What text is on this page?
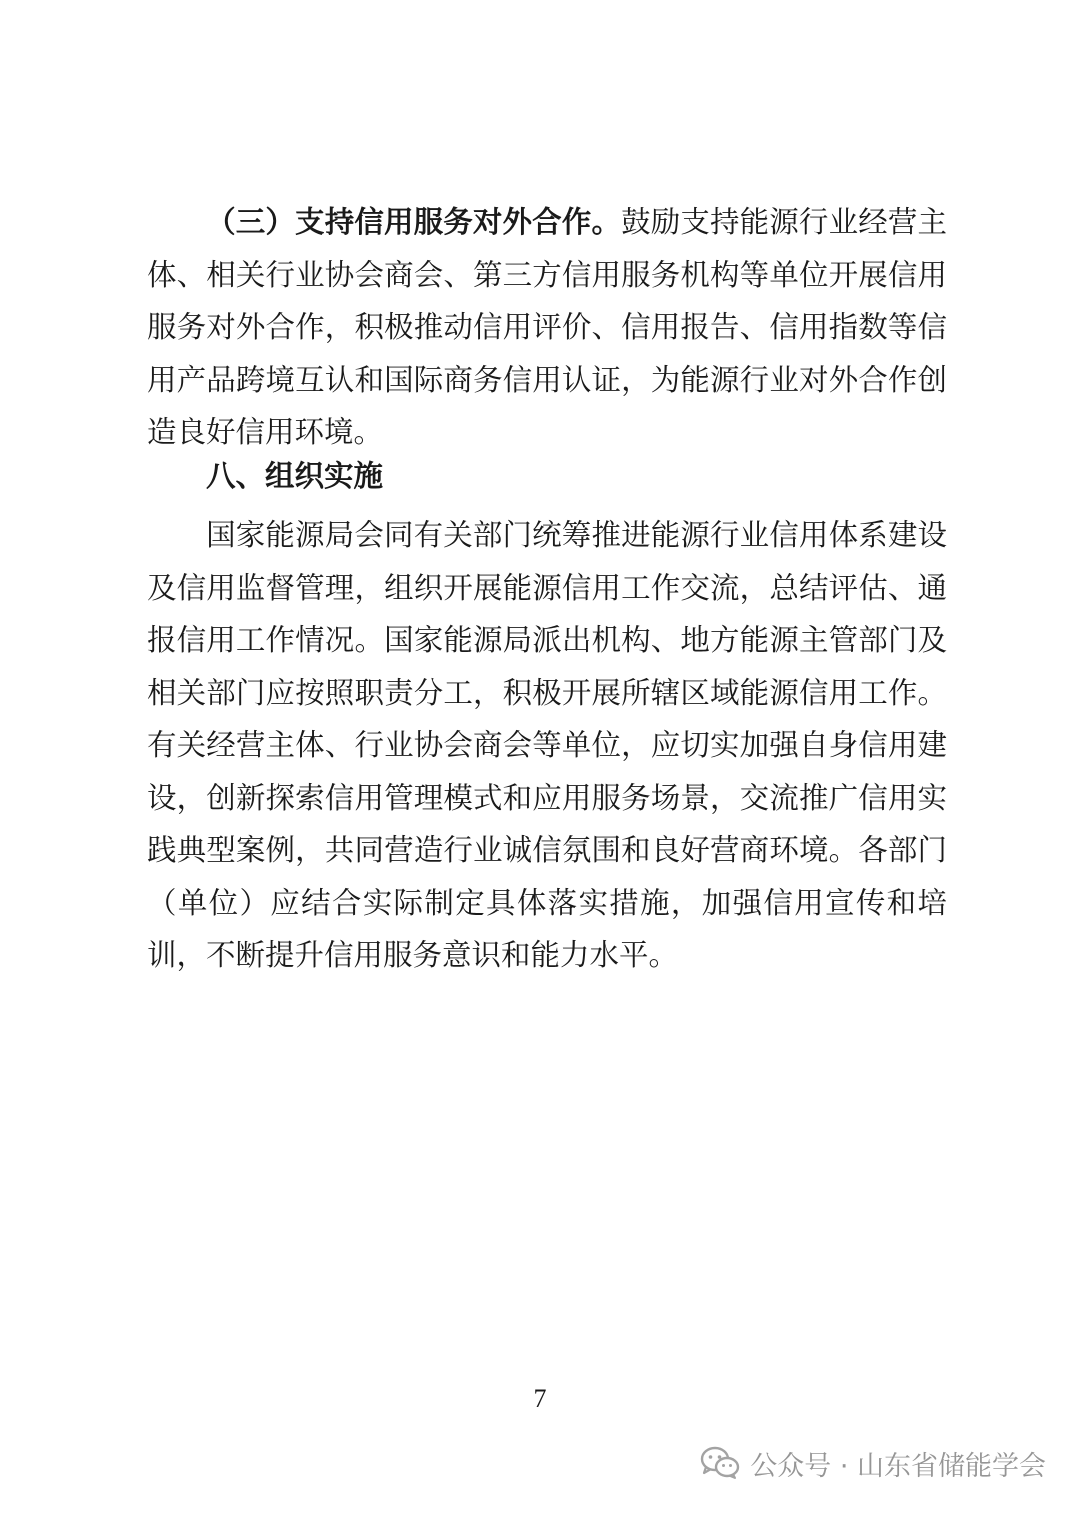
（三）支持信用服务对外合作。鼓励支持能源行业经营主体、相关行业协会商会、第三方信用服务机构等单位开展信用服务对外合作，积极推动信用评价、信用报告、信用指数等信用产品跨境互认和国际商务信用认证，为能源行业对外合作创造良好信用环境。

八、组织实施

国家能源局会同有关部门统筹推进能源行业信用体系建设及信用监督管理，组织开展能源信用工作交流，总结评估、通报信用工作情况。国家能源局派出机构、地方能源主管部门及相关部门应按照职责分工，积极开展所辖区域能源信用工作。有关经营主体、行业协会商会等单位，应切实加强自身信用建设，创新探索信用管理模式和应用服务场景，交流推广信用实践典型案例，共同营造行业诚信氛围和良好营商环境。各部门（单位）应结合实际制定具体落实措施，加强信用宣传和培训，不断提升信用服务意识和能力水平。

7
公众号 · 山东省储能学会
